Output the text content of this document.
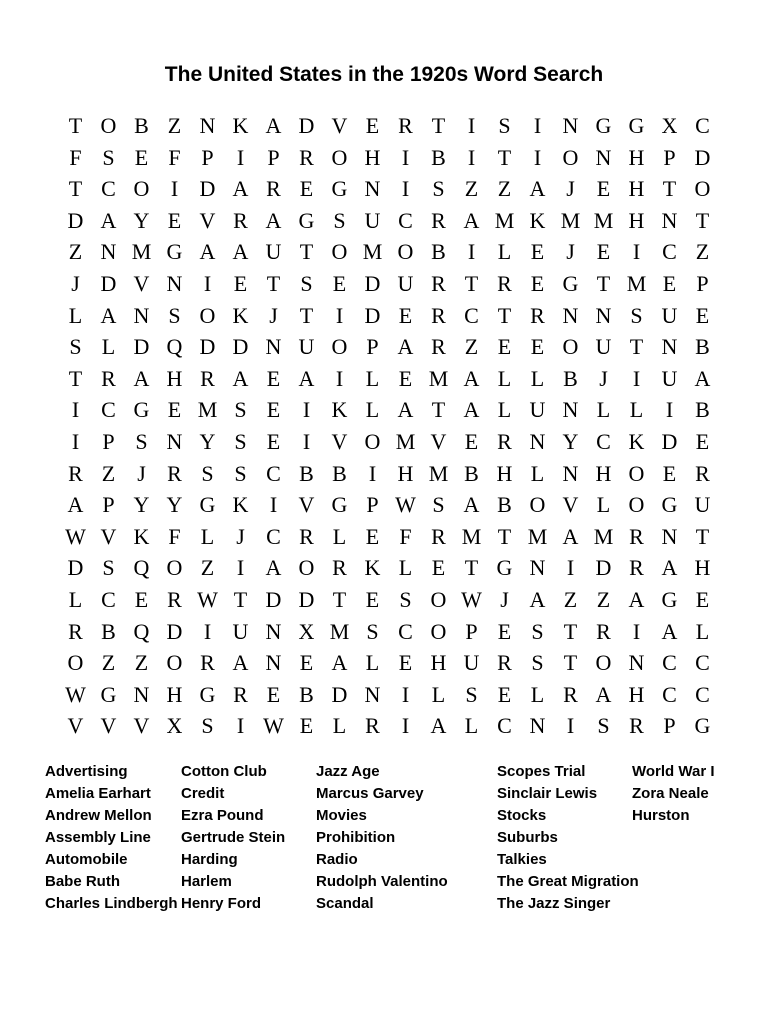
The United States in the 1920s Word Search
T O B Z N K A D V E R T	I	S	I N G G X C
F S E F P	I	P R O H I	B I	T	I O N H P D
T C O I D A R E G N I	S Z Z A J E H T O
D A Y E V R A G S U C R A M K M M H N T
Z N M G A A U T O M O B I	L E	J E	I	C Z
J D V N I	E T S E D U R T R E G T M E P
L A N S O K J T	I D E R C T R N N S U E
S L D Q D D N U O P A R Z E E O U T N B
T R A H R A E A I	L E M A L L B J	I U A
I	C G E M S E	I K L A T A L U N L L	I	B
I	P S N Y S E	I V O M V E R N Y C K D E
R Z	J R S S C B B I H M B H L N H O E R
A P Y Y G K I V G P W S A B O V L O G U
W V K F L	J C R L E F R M T M A M R N T
D S Q O Z	I A O R K L E T G N I D R A H
L C E R W T D D T E S O W J A Z Z A G E
R B Q D I U N X M S C O P E S T R I A L
O Z Z O R A N E A L E H U R S T O N C C
W G N H G R E B D N I	L S E L R A H C C
V V V X S	I W E L R I A L C N I	S R P G
Advertising
Amelia Earhart
Andrew Mellon
Assembly Line
Automobile
Babe Ruth
Charles Lindbergh
Cotton Club
Credit
Ezra Pound
Gertrude Stein
Harding
Harlem
Henry Ford
Jazz Age
Marcus Garvey
Movies
Prohibition
Radio
Rudolph Valentino
Scandal
Scopes Trial
Sinclair Lewis
Stocks
Suburbs
Talkies
The Great Migration
The Jazz Singer
World War I
Zora Neale
Hurston
